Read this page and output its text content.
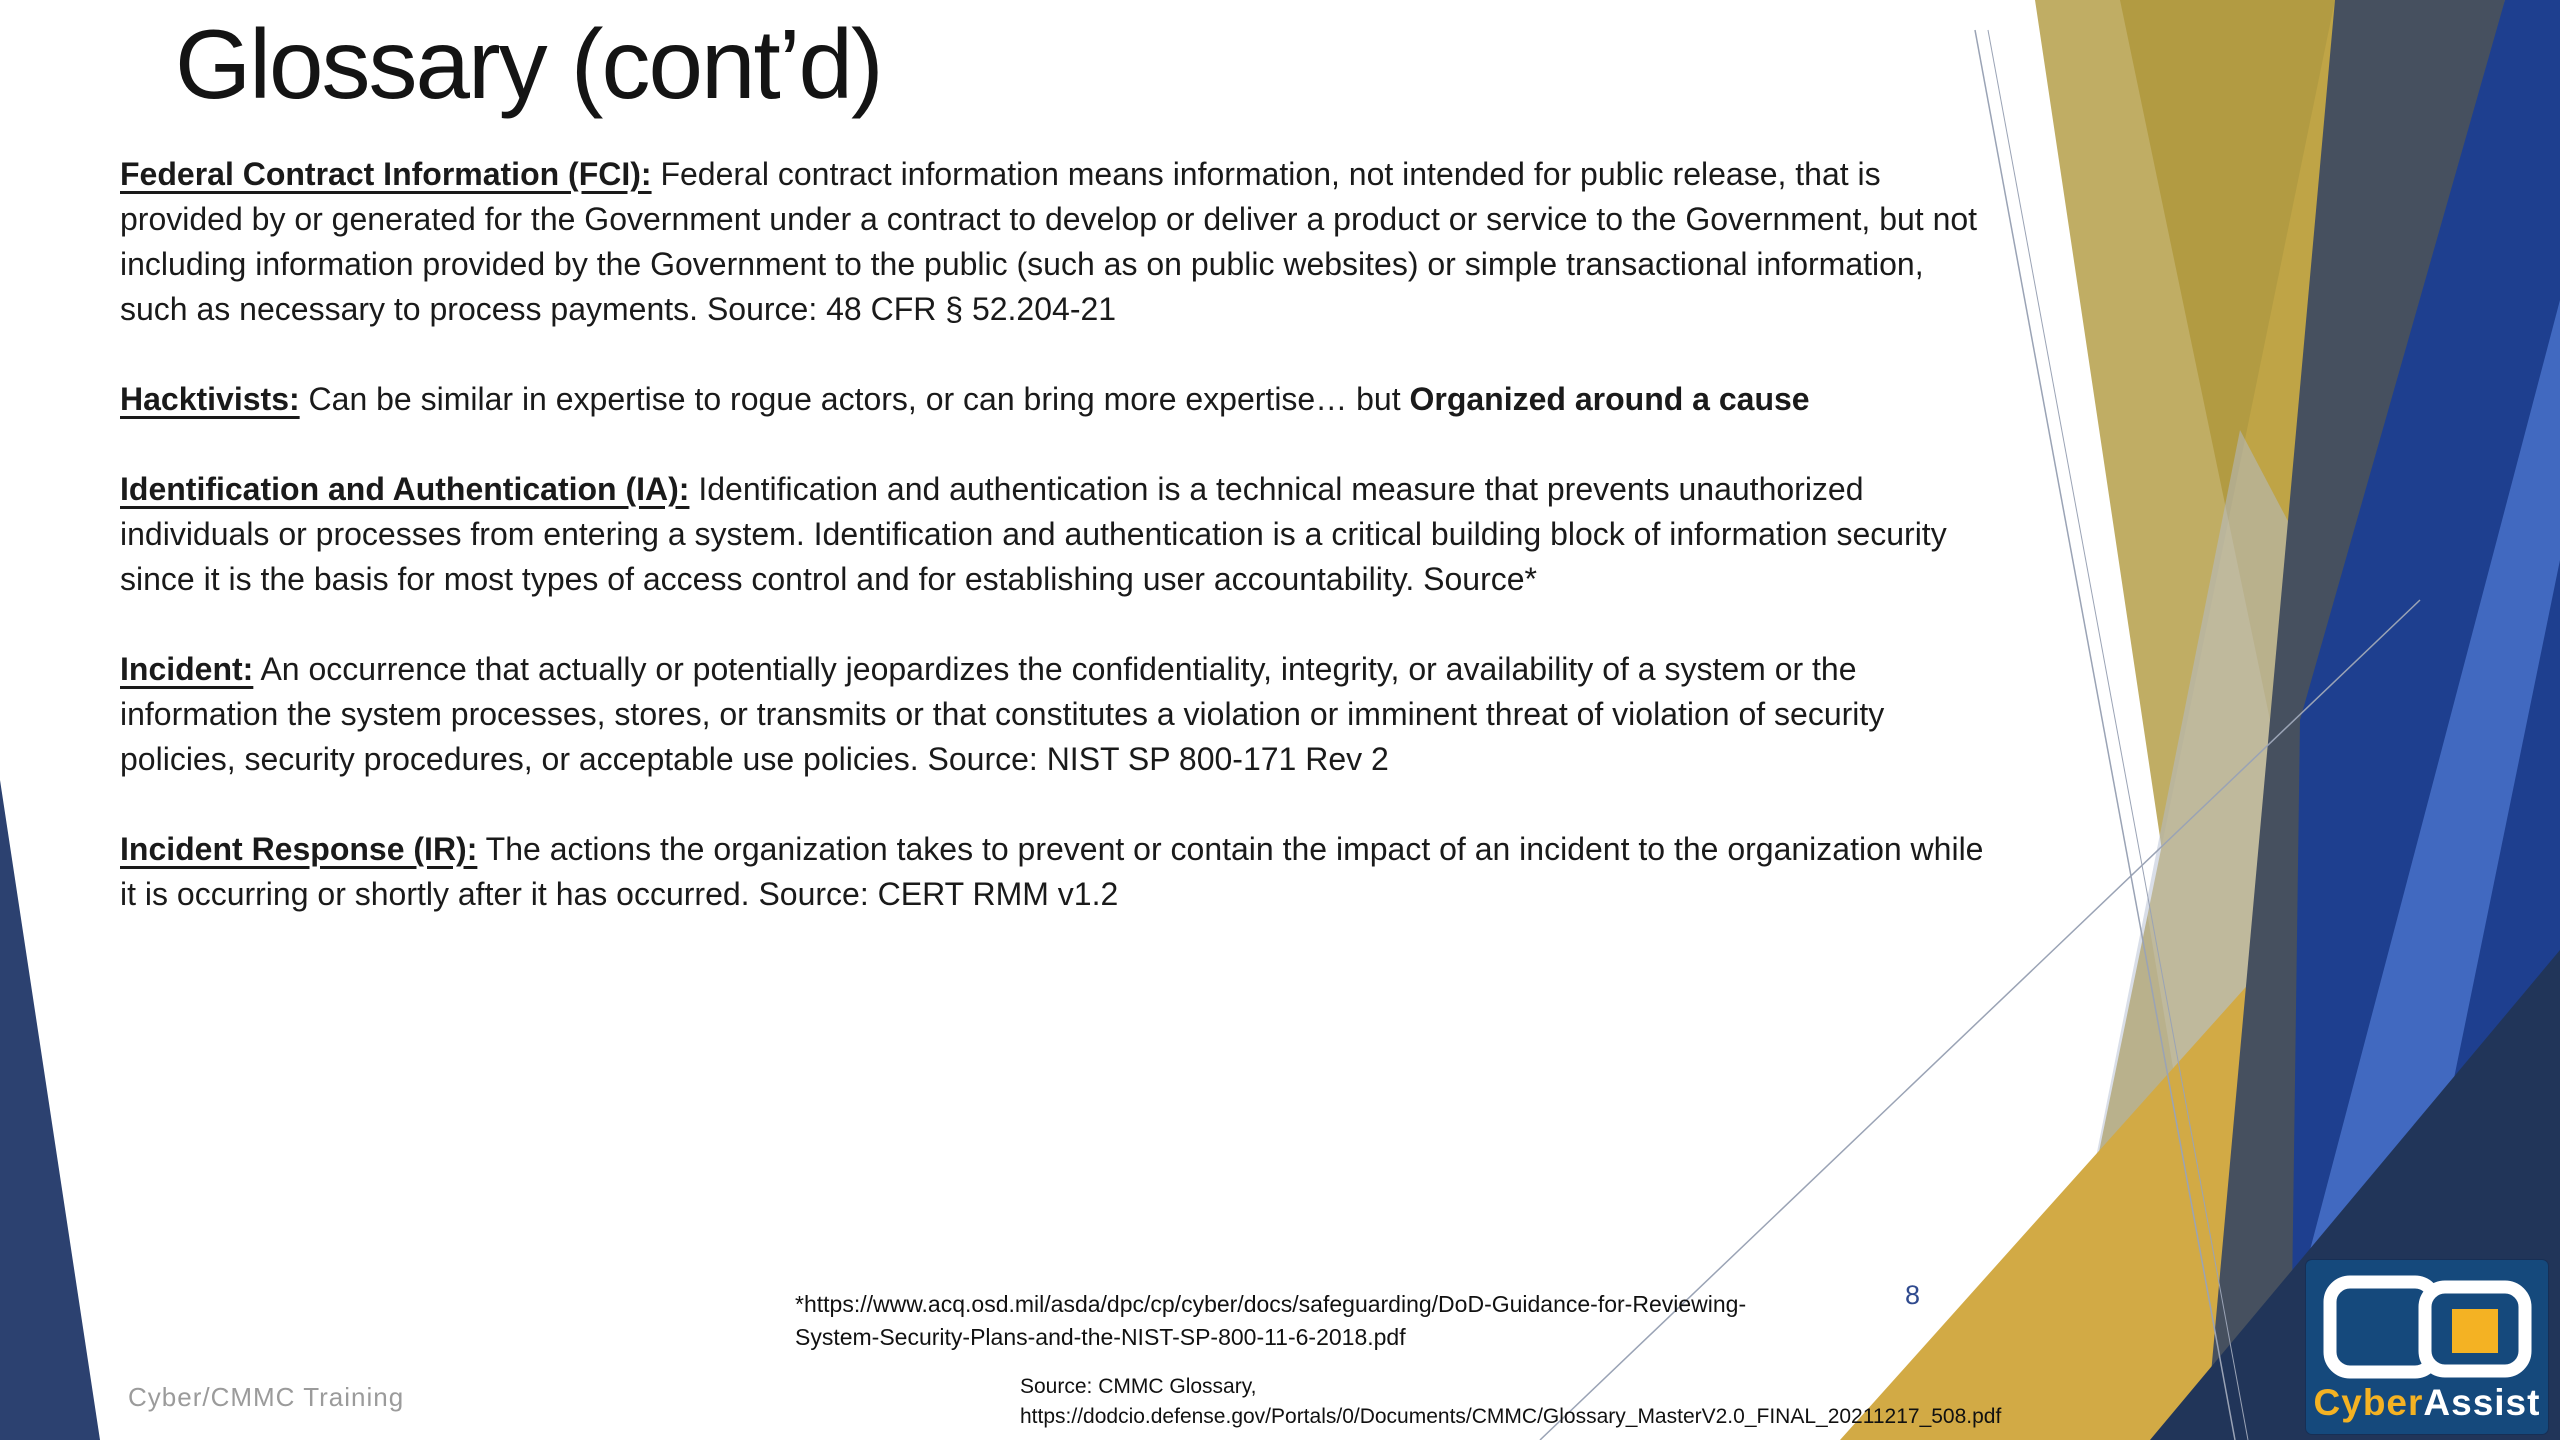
Glossary (cont’d)

Federal Contract Information (FCI): Federal contract information means information, not intended for public release, that is provided by or generated for the Government under a contract to develop or deliver a product or service to the Government, but not including information provided by the Government to the public (such as on public websites) or simple transactional information, such as necessary to process payments. Source: 48 CFR § 52.204-21

Hacktivists: Can be similar in expertise to rogue actors, or can bring more expertise… but Organized around a cause

Identification and Authentication (IA): Identification and authentication is a technical measure that prevents unauthorized individuals or processes from entering a system. Identification and authentication is a critical building block of information security since it is the basis for most types of access control and for establishing user accountability. Source*

Incident: An occurrence that actually or potentially jeopardizes the confidentiality, integrity, or availability of a system or the information the system processes, stores, or transmits or that constitutes a violation or imminent threat of violation of security policies, security procedures, or acceptable use policies. Source: NIST SP 800-171 Rev 2

Incident Response (IR): The actions the organization takes to prevent or contain the impact of an incident to the organization while it is occurring or shortly after it has occurred. Source: CERT RMM v1.2

*https://www.acq.osd.mil/asda/dpc/cp/cyber/docs/safeguarding/DoD-Guidance-for-Reviewing-
System-Security-Plans-and-the-NIST-SP-800-11-6-2018.pdf
Source: CMMC Glossary,
https://dodcio.defense.gov/Portals/0/Documents/CMMC/Glossary_MasterV2.0_FINAL_20211217_508.pdf
8
Cyber/CMMC Training	CyberAssist
